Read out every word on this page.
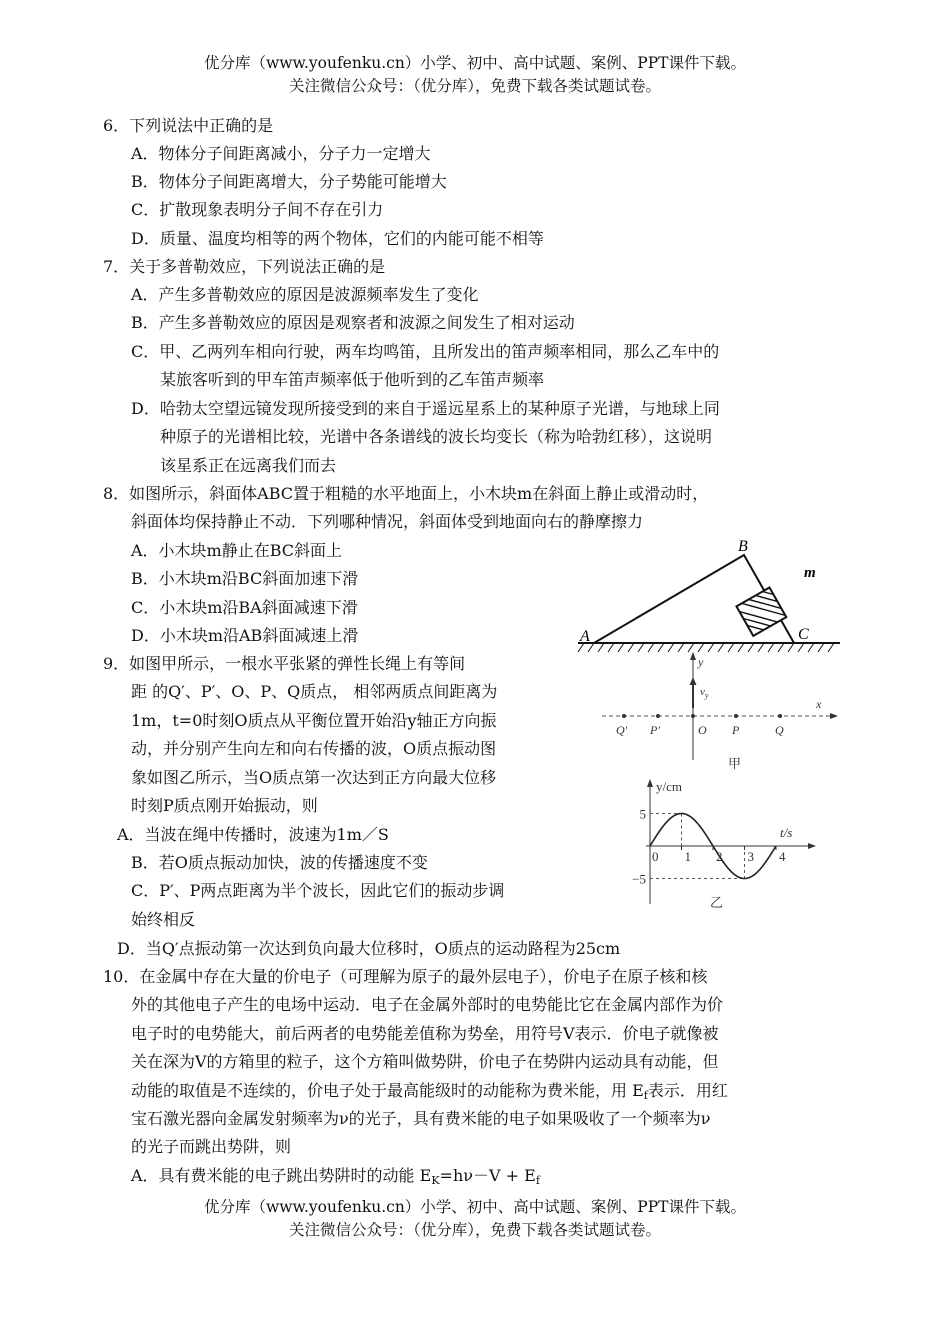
优分库（www.youfenku.cn）小学、初中、高中试题、案例、PPT课件下载。
关注微信公众号：（优分库），免费下载各类试题试卷。
6．下列说法中正确的是
A．物体分子间距离减小，分子力一定增大
B．物体分子间距离增大，分子势能可能增大
C．扩散现象表明分子间不存在引力
D．质量、温度均相等的两个物体，它们的内能可能不相等
7．关于多普勒效应，下列说法正确的是
A．产生多普勒效应的原因是波源频率发生了变化
B．产生多普勒效应的原因是观察者和波源之间发生了相对运动
C．甲、乙两列车相向行驶，两车均鸣笛，且所发出的笛声频率相同，那么乙车中的
某旅客听到的甲车笛声频率低于他听到的乙车笛声频率
D．哈勃太空望远镜发现所接受到的来自于遥远星系上的某种原子光谱，与地球上同
种原子的光谱相比较，光谱中各条谱线的波长均变长（称为哈勃红移），这说明
该星系正在远离我们而去
8．如图所示，斜面体ABC置于粗糙的水平地面上，小木块m在斜面上静止或滑动时，
斜面体均保持静止不动．下列哪种情况，斜面体受到地面向右的静摩擦力
A．小木块m静止在BC斜面上
B．小木块m沿BC斜面加速下滑
C．小木块m沿BA斜面减速下滑
D．小木块m沿AB斜面减速上滑	A
B
C
m
9．如图甲所示，一根水平张紧的弹性长绳上有等间
距 的Q′、P′、O、P、Q质点， 相邻两质点间距离为
1m，t=0时刻O质点从平衡位置开始沿y轴正方向振
动，并分别产生向左和向右传播的波，O质点振动图
象如图乙所示，当O质点第一次达到正方向最大位移
时刻P质点刚开始振动，则
A．当波在绳中传播时，波速为1m／S
B．若O质点振动加快，波的传播速度不变
C．P′、P两点距离为半个波长，因此它们的振动步调
始终相反
D．当Q′点振动第一次达到负向最大位移时，O质点的运动路程为25cm
y
$v_y$
x
Q′ P′	O P	Q
甲
y/cm
t/s
0 1 2 3 4
5
−5
乙
10．在金属中存在大量的价电子（可理解为原子的最外层电子），价电子在原子核和核
外的其他电子产生的电场中运动．电子在金属外部时的电势能比它在金属内部作为价
电子时的电势能大，前后两者的电势能差值称为势垒，用符号V表示．价电子就像被
关在深为V的方箱里的粒子，这个方箱叫做势阱，价电子在势阱内运动具有动能，但
动能的取值是不连续的，价电子处于最高能级时的动能称为费米能，用 $E_f$表示．用红
宝石激光器向金属发射频率为ν的光子，具有费米能的电子如果吸收了一个频率为ν
的光子而跳出势阱，则
A．具有费米能的电子跳出势阱时的动能 $E_K=h\nu-V + E_f$
优分库（www.youfenku.cn）小学、初中、高中试题、案例、PPT课件下载。
关注微信公众号：（优分库），免费下载各类试题试卷。
